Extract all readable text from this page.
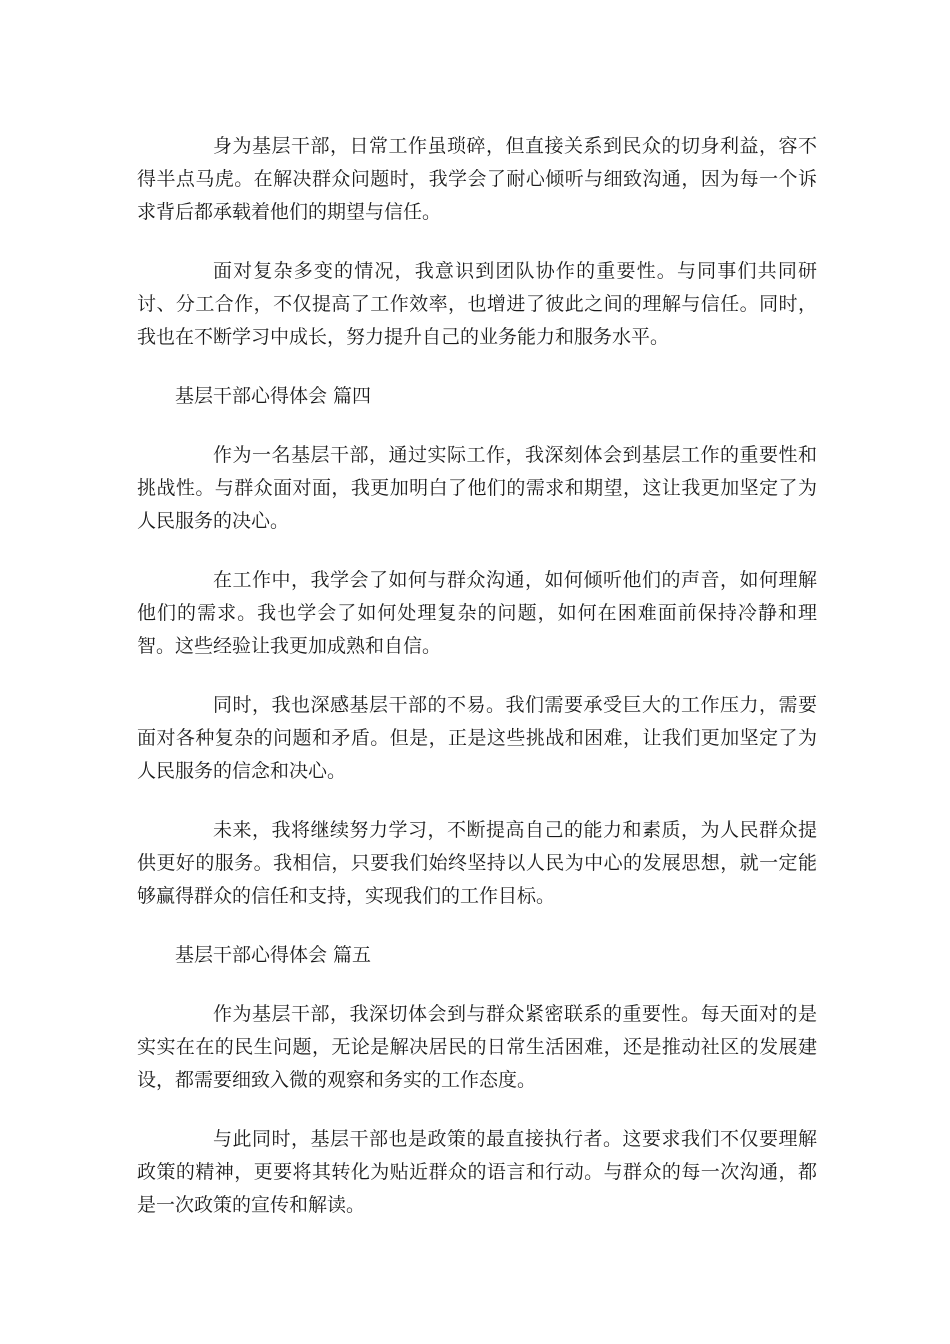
身为基层干部，日常工作虽琐碎，但直接关系到民众的切身利益，容不得半点马虎。在解决群众问题时，我学会了耐心倾听与细致沟通，因为每一个诉求背后都承载着他们的期望与信任。

面对复杂多变的情况，我意识到团队协作的重要性。与同事们共同研讨、分工合作，不仅提高了工作效率，也增进了彼此之间的理解与信任。同时，我也在不断学习中成长，努力提升自己的业务能力和服务水平。

基层干部心得体会 篇四

作为一名基层干部，通过实际工作，我深刻体会到基层工作的重要性和挑战性。与群众面对面，我更加明白了他们的需求和期望，这让我更加坚定了为人民服务的决心。

在工作中，我学会了如何与群众沟通，如何倾听他们的声音，如何理解他们的需求。我也学会了如何处理复杂的问题，如何在困难面前保持冷静和理智。这些经验让我更加成熟和自信。

同时，我也深感基层干部的不易。我们需要承受巨大的工作压力，需要面对各种复杂的问题和矛盾。但是，正是这些挑战和困难，让我们更加坚定了为人民服务的信念和决心。

未来，我将继续努力学习，不断提高自己的能力和素质，为人民群众提供更好的服务。我相信，只要我们始终坚持以人民为中心的发展思想，就一定能够赢得群众的信任和支持，实现我们的工作目标。

基层干部心得体会 篇五

作为基层干部，我深切体会到与群众紧密联系的重要性。每天面对的是实实在在的民生问题，无论是解决居民的日常生活困难，还是推动社区的发展建设，都需要细致入微的观察和务实的工作态度。

与此同时，基层干部也是政策的最直接执行者。这要求我们不仅要理解政策的精神，更要将其转化为贴近群众的语言和行动。与群众的每一次沟通，都是一次政策的宣传和解读。
